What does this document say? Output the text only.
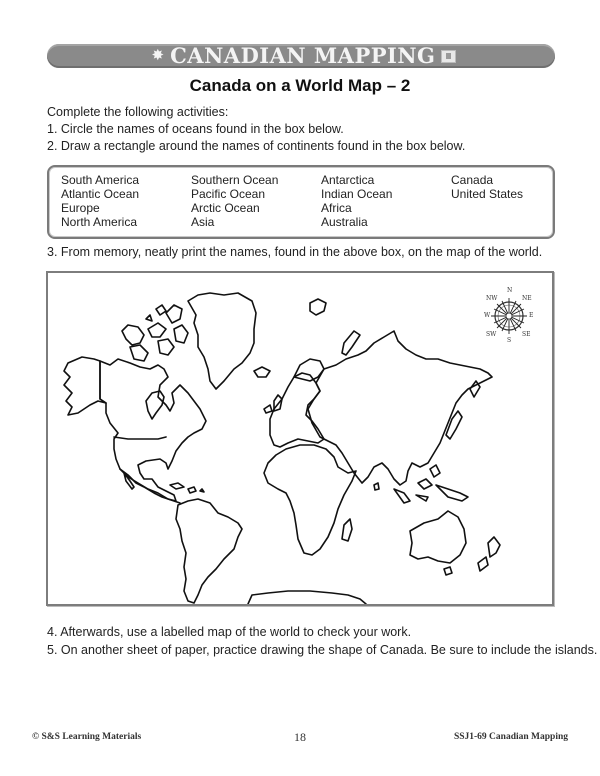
✸ CANADIAN MAPPING
Canada on a World Map – 2
Complete the following activities:
1. Circle the names of oceans found in the box below.
2. Draw a rectangle around the names of continents found in the box below.
South America
Atlantic Ocean
Europe
North America
Southern Ocean
Pacific Ocean
Arctic Ocean
Asia
Antarctica
Indian Ocean
Africa
Australia
Canada
United States
3. From memory, neatly print the names, found in the above box, on the map of the world.
N
NE
E
SE
S
SW
W
NW
4. Afterwards, use a labelled map of the world to check your work.
5. On another sheet of paper, practice drawing the shape of Canada. Be sure to include the islands.
© S&S Learning Materials	18	SSJ1-69 Canadian Mapping
